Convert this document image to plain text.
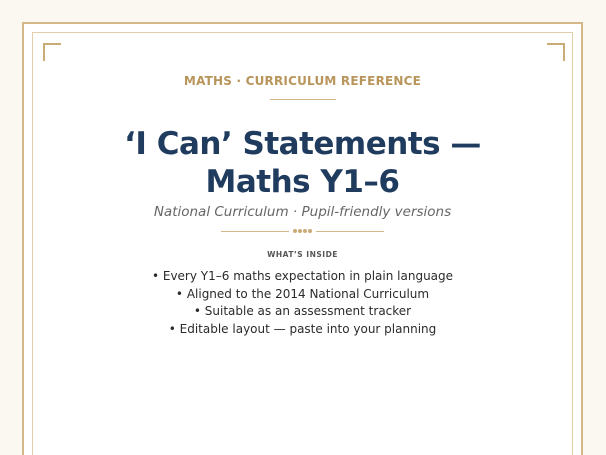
MATHS · CURRICULUM REFERENCE
‘I Can’ Statements —
Maths Y1–6
National Curriculum · Pupil-friendly versions
WHAT’S INSIDE
• Every Y1–6 maths expectation in plain language
• Aligned to the 2014 National Curriculum
• Suitable as an assessment tracker
• Editable layout — paste into your planning
